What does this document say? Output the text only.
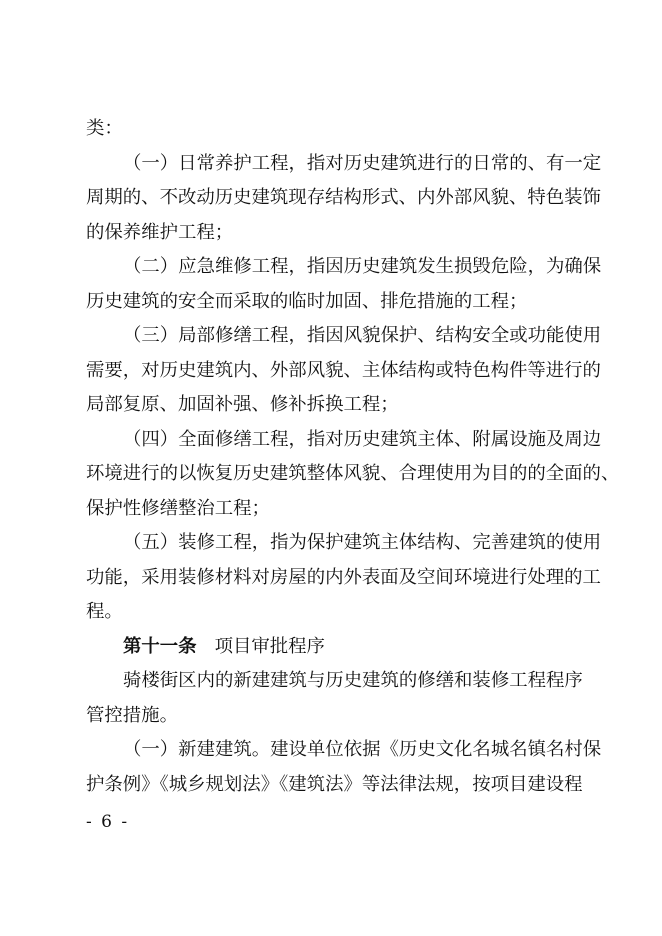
类：
（一）日常养护工程，指对历史建筑进行的日常的、有一定
周期的、不改动历史建筑现存结构形式、内外部风貌、特色装饰
的保养维护工程；
（二）应急维修工程，指因历史建筑发生损毁危险，为确保
历史建筑的安全而采取的临时加固、排危措施的工程；
（三）局部修缮工程，指因风貌保护、结构安全或功能使用
需要，对历史建筑内、外部风貌、主体结构或特色构件等进行的
局部复原、加固补强、修补拆换工程；
（四）全面修缮工程，指对历史建筑主体、附属设施及周边
环境进行的以恢复历史建筑整体风貌、合理使用为目的的全面的、
保护性修缮整治工程；
（五）装修工程，指为保护建筑主体结构、完善建筑的使用
功能，采用装修材料对房屋的内外表面及空间环境进行处理的工
程。
第十一条 项目审批程序
骑楼街区内的新建建筑与历史建筑的修缮和装修工程程序
管控措施。
（一）新建建筑。建设单位依据《历史文化名城名镇名村保
护条例》《城乡规划法》《建筑法》等法律法规，按项目建设程
- 6 -
